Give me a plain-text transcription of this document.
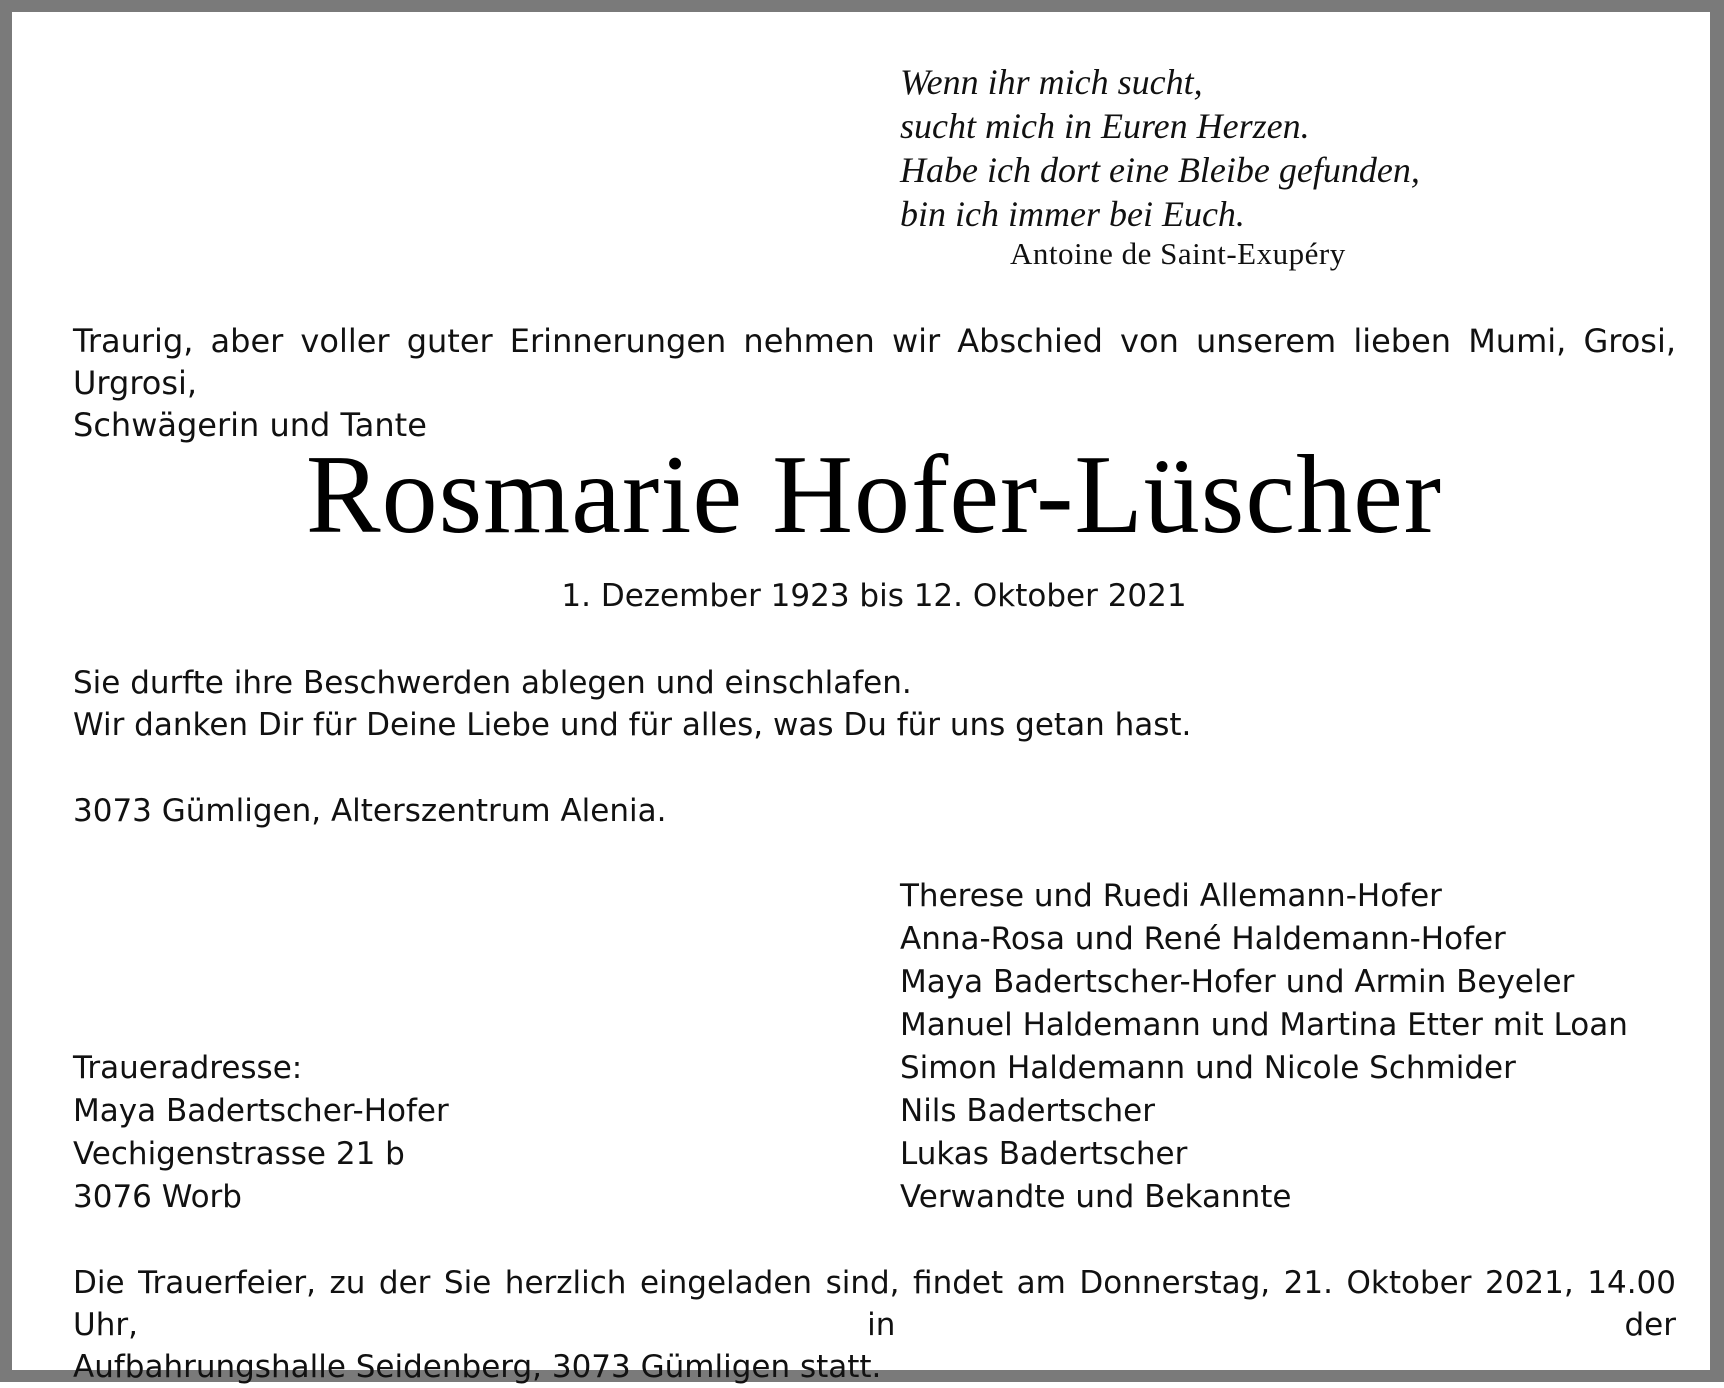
Wenn ihr mich sucht,
sucht mich in Euren Herzen.
Habe ich dort eine Bleibe gefunden,
bin ich immer bei Euch.
Antoine de Saint-Exupéry
Traurig, aber voller guter Erinnerungen nehmen wir Abschied von unserem lieben Mumi, Grosi, Urgrosi,
Schwägerin und Tante
Rosmarie Hofer-Lüscher
1. Dezember 1923 bis 12. Oktober 2021
Sie durfte ihre Beschwerden ablegen und einschlafen.
Wir danken Dir für Deine Liebe und für alles, was Du für uns getan hast.
3073 Gümligen, Alterszentrum Alenia.
Therese und Ruedi Allemann-Hofer
Anna-Rosa und René Haldemann-Hofer
Maya Badertscher-Hofer und Armin Beyeler
Manuel Haldemann und Martina Etter mit Loan
Simon Haldemann und Nicole Schmider
Nils Badertscher
Lukas Badertscher
Verwandte und Bekannte
Traueradresse:
Maya Badertscher-Hofer
Vechigenstrasse 21 b
3076 Worb
Die Trauerfeier, zu der Sie herzlich eingeladen sind, findet am Donnerstag, 21. Oktober 2021, 14.00 Uhr, in der
Aufbahrungshalle Seidenberg, 3073 Gümligen statt.
